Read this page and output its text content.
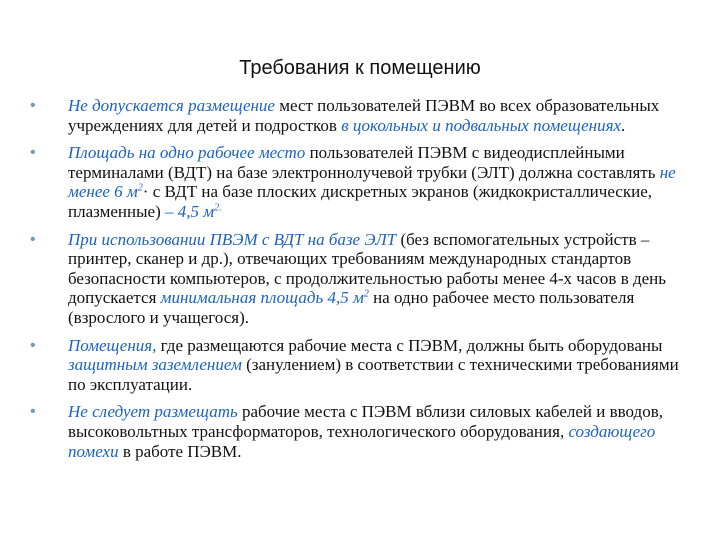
Требования к помещению
• Не допускается размещение мест пользователей ПЭВМ во всех образовательных учреждениях для детей и подростков в цокольных и подвальных помещениях.
• Площадь на одно рабочее место пользователей ПЭВМ с видеодисплейными терминалами (ВДТ) на базе электроннолучевой трубки (ЭЛТ) должна составлять не менее 6 $м^2\cdot с$ ВДТ на базе плоских дискретных экранов (жидкокристаллические, плазменные) – 4,5 $м^{2.}$
• При использовании ПВЭМ с ВДТ на базе ЭЛТ (без вспомогательных устройств – принтер, сканер и др.), отвечающих требованиям международных стандартов безопасности компьютеров, с продолжительностью работы менее 4-х часов в день допускается минимальная площадь 4,5 $м^2$ на одно рабочее место пользователя (взрослого и учащегося).
• Помещения, где размещаются рабочие места с ПЭВМ, должны быть оборудованы защитным заземлением (занулением) в соответствии с техническими требованиями по эксплуатации.
• Не следует размещать рабочие места с ПЭВМ вблизи силовых кабелей и вводов, высоковольтных трансформаторов, технологического оборудования, создающего помехи в работе ПЭВМ.
